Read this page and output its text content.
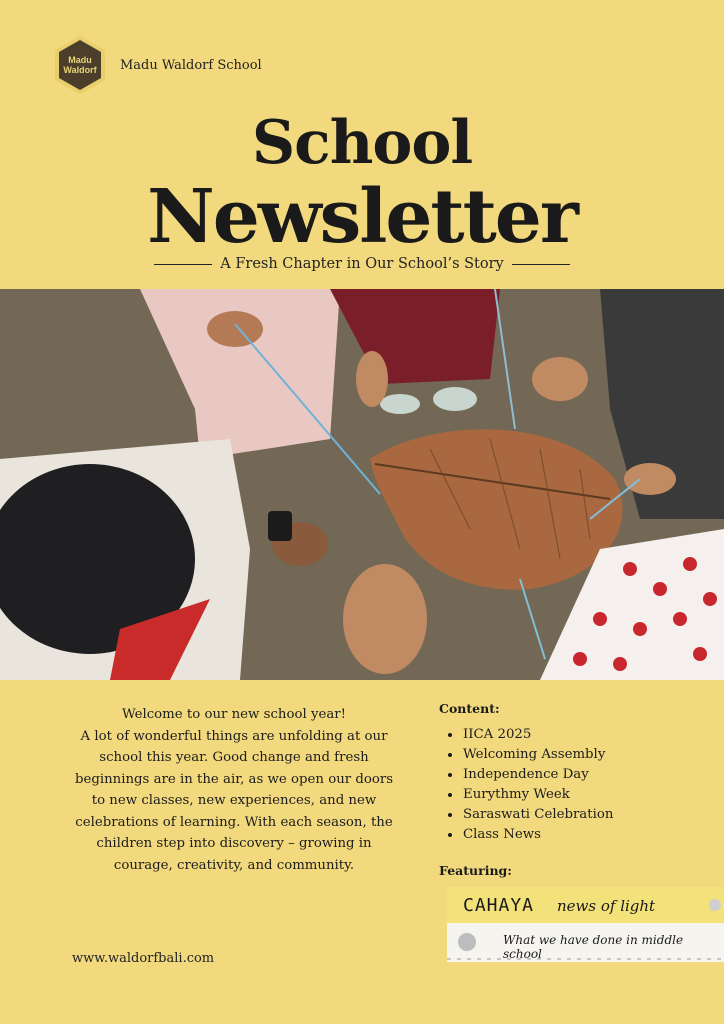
Madu
Waldorf Madu Waldorf School
School
Newsletter
A Fresh Chapter in Our School’s Story

Welcome to our new school year!

A lot of wonderful things are unfolding at our school this year. Good change and fresh beginnings are in the air, as we open our doors to new classes, new experiences, and new celebrations of learning. With each season, the children step into discovery – growing in courage, creativity, and community.

www.waldorfbali.com
Content:
IICA 2025
Welcoming Assembly
Independence Day
Eurythmy Week
Saraswati Celebration
Class News
Featuring:
CAHAYA news of light
What we have done in middle school
